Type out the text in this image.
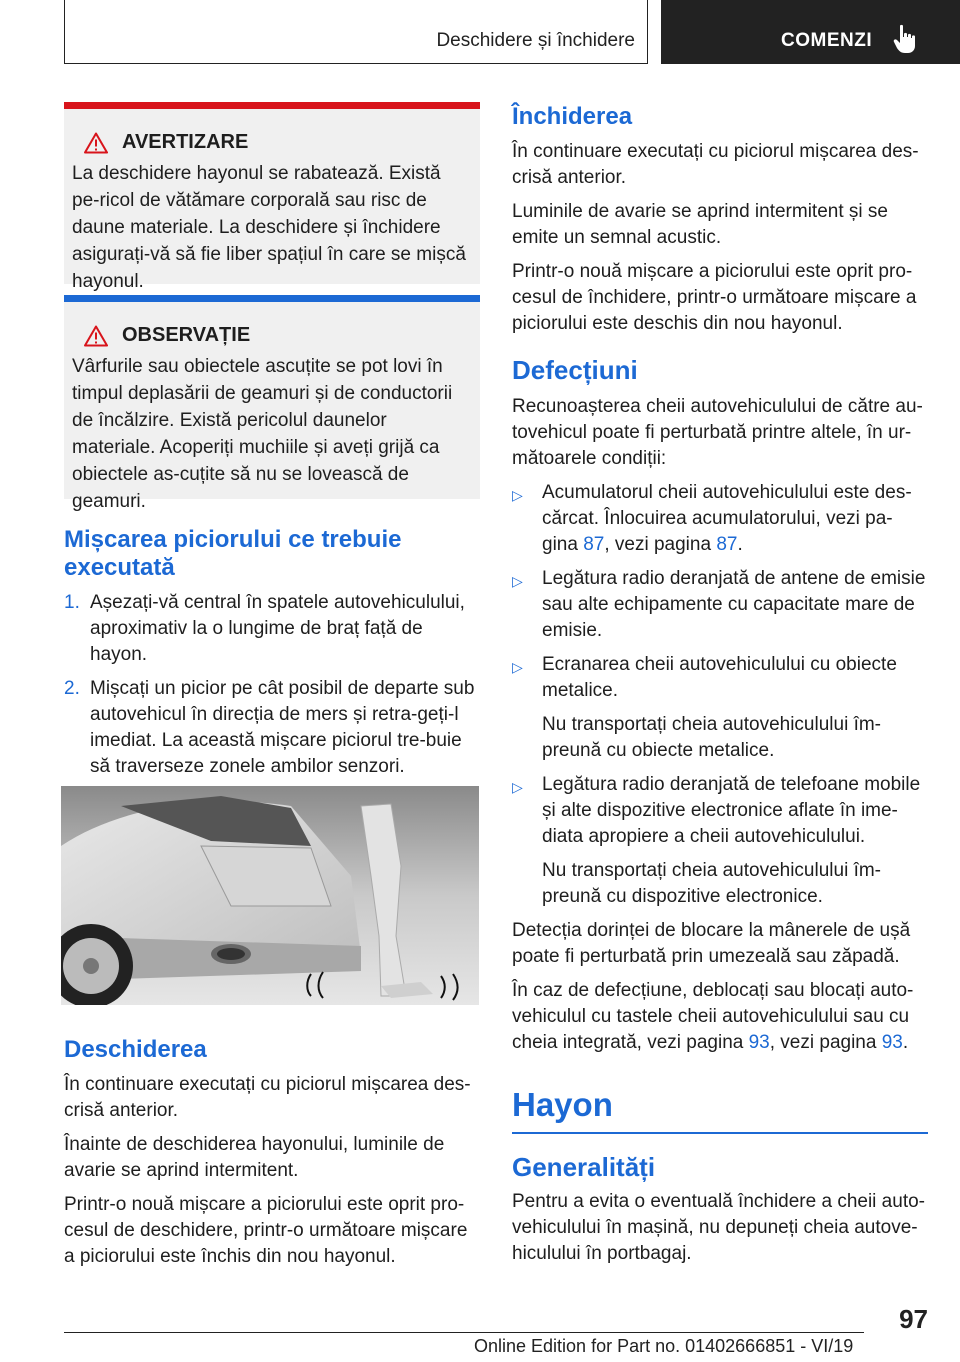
Deschidere și închidere	COMENZI
AVERTIZARE
La deschidere hayonul se rabatează. Există pe-ricol de vătămare corporală sau risc de daune materiale. La deschidere și închidere asigurați-vă să fie liber spațiul în care se mișcă hayonul.
OBSERVAȚIE
Vârfurile sau obiectele ascuțite se pot lovi în timpul deplasării de geamuri și de conductorii de încălzire. Există pericolul daunelor materiale. Acoperiți muchiile și aveți grijă ca obiectele as-cuțite să nu se lovească de geamuri.
Mișcarea piciorului ce trebuie executată
1. Așezați-vă central în spatele autovehiculului, aproximativ la o lungime de braț față de hayon.
2. Mișcați un picior pe cât posibil de departe sub autovehicul în direcția de mers și retra-geți-l imediat. La această mișcare piciorul tre-buie să traverseze zonele ambilor senzori.
Deschiderea

În continuare executați cu piciorul mișcarea des-crisă anterior.

Înainte de deschiderea hayonului, luminile de avarie se aprind intermitent.

Printr-o nouă mișcare a piciorului este oprit pro-cesul de deschidere, printr-o următoare mișcare a piciorului este închis din nou hayonul.

Închiderea

În continuare executați cu piciorul mișcarea des-crisă anterior.

Luminile de avarie se aprind intermitent și se emite un semnal acustic.

Printr-o nouă mișcare a piciorului este oprit pro-cesul de închidere, printr-o următoare mișcare a piciorului este deschis din nou hayonul.

Defecțiuni

Recunoașterea cheii autovehiculului de către au-tovehicul poate fi perturbată printre altele, în ur-mătoarele condiții:

▷	Acumulatorul cheii autovehiculului este des-cărcat. Înlocuirea acumulatorului, vezi pa-gina 87, vezi pagina 87.
▷	Legătura radio deranjată de antene de emisie sau alte echipamente cu capacitate mare de emisie.
▷	Ecranarea cheii autovehiculului cu obiecte metalice.
Nu transportați cheia autovehiculului îm-preună cu obiecte metalice.
▷	Legătura radio deranjată de telefoane mobile și alte dispozitive electronice aflate în ime-diata apropiere a cheii autovehiculului.
Nu transportați cheia autovehiculului îm-preună cu dispozitive electronice.

Detecția dorinței de blocare la mânerele de ușă poate fi perturbată prin umezeală sau zăpadă.

În caz de defecțiune, deblocați sau blocați auto-vehiculul cu tastele cheii autovehiculului sau cu cheia integrată, vezi pagina 93, vezi pagina 93.

Hayon
Generalități

Pentru a evita o eventuală închidere a cheii auto-vehiculului în mașină, nu depuneți cheia autove-hiculului în portbagaj.

97
Online Edition for Part no. 01402666851 - VI/19
